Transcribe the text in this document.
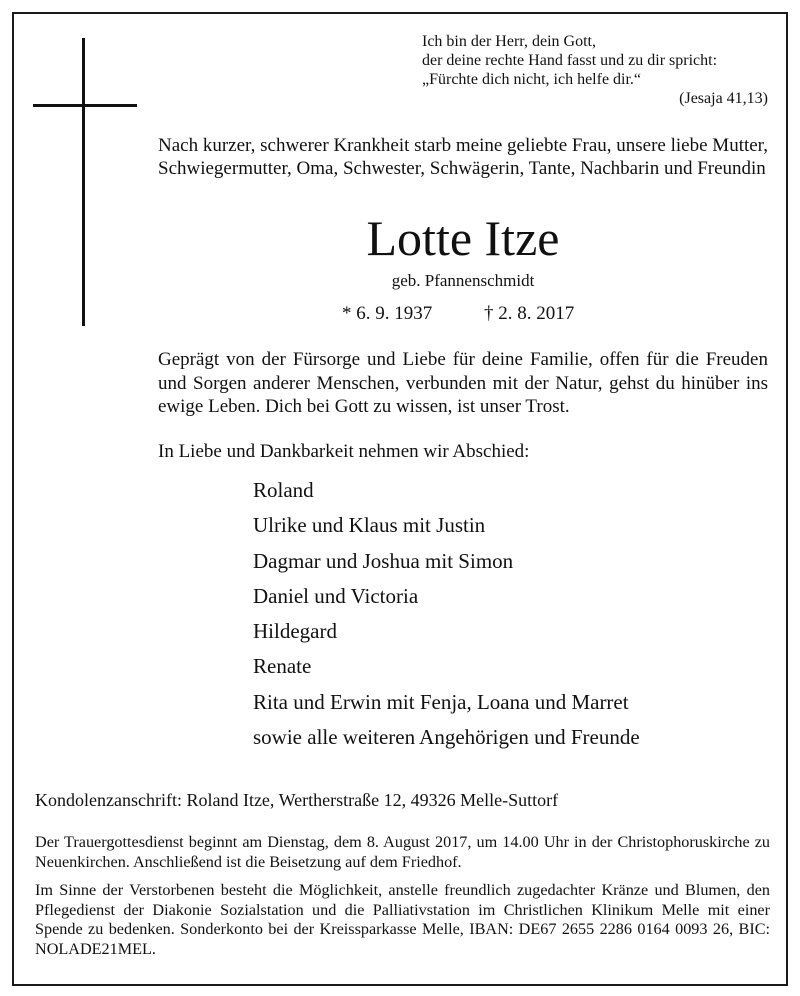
Ich bin der Herr, dein Gott,
der deine rechte Hand fasst und zu dir spricht:
„Fürchte dich nicht, ich helfe dir.“
(Jesaja 41,13)
Nach kurzer, schwerer Krankheit starb meine geliebte Frau, unsere liebe Mutter, Schwiegermutter, Oma, Schwester, Schwägerin, Tante, Nachbarin und Freundin
Lotte Itze
geb. Pfannenschmidt
* 6. 9. 1937	† 2. 8. 2017
Geprägt von der Fürsorge und Liebe für deine Familie, offen für die Freuden und Sorgen anderer Menschen, verbunden mit der Natur, gehst du hinüber ins ewige Leben. Dich bei Gott zu wissen, ist unser Trost.
In Liebe und Dankbarkeit nehmen wir Abschied:
Roland
Ulrike und Klaus mit Justin
Dagmar und Joshua mit Simon
Daniel und Victoria
Hildegard
Renate
Rita und Erwin mit Fenja, Loana und Marret
sowie alle weiteren Angehörigen und Freunde
Kondolenzanschrift: Roland Itze, Wertherstraße 12, 49326 Melle-Suttorf
Der Trauergottesdienst beginnt am Dienstag, dem 8. August 2017, um 14.00 Uhr in der Christophoruskirche zu Neuenkirchen. Anschließend ist die Beisetzung auf dem Friedhof.
Im Sinne der Verstorbenen besteht die Möglichkeit, anstelle freundlich zugedachter Kränze und Blumen, den Pflegedienst der Diakonie Sozialstation und die Palliativstation im Christlichen Klinikum Melle mit einer Spende zu bedenken. Sonderkonto bei der Kreissparkasse Melle, IBAN: DE67 2655 2286 0164 0093 26, BIC: NOLADE21MEL.
